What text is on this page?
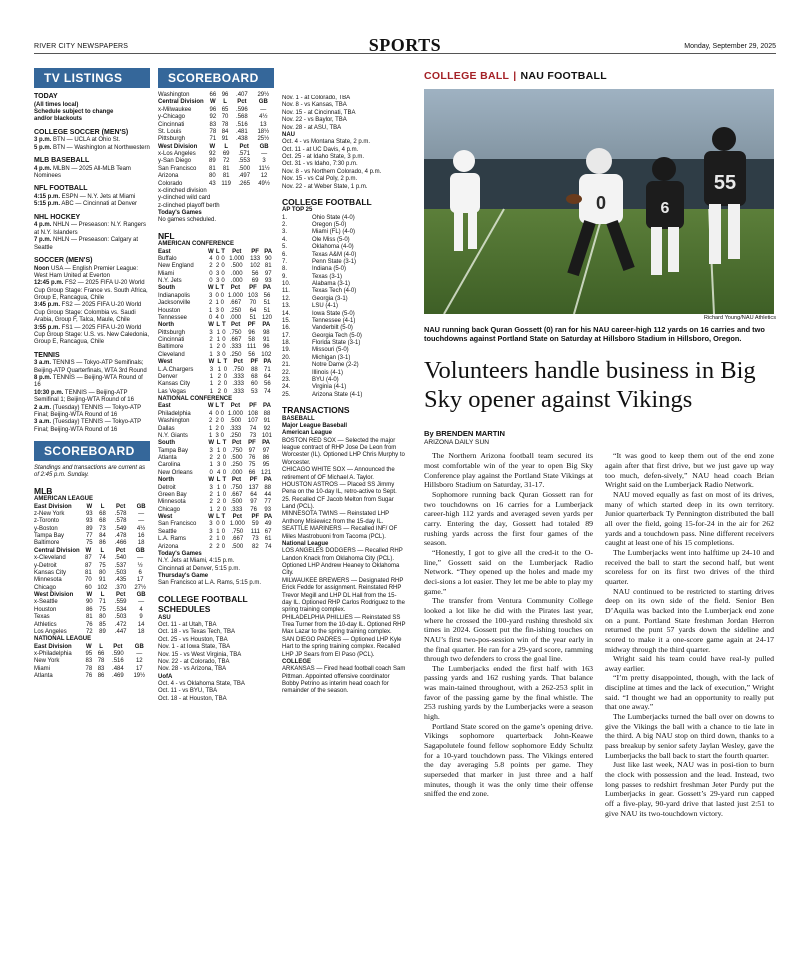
RIVER CITY NEWSPAPERS	SPORTS	Monday, September 29, 2025
TV LISTINGS
TODAY
(All times local)
Schedule subject to change
and/or blackouts
COLLEGE SOCCER (MEN'S)

3 p.m. BTN — UCLA at Ohio St.

5 p.m. BTN — Washington at Northwestern

MLB BASEBALL

4 p.m. MLBN — 2025 All-MLB Team Nominees

NFL FOOTBALL

4:15 p.m. ESPN — N.Y. Jets at Miami

5:15 p.m. ABC — Cincinnati at Denver

NHL HOCKEY

4 p.m. NHLN — Preseason: N.Y. Rangers at N.Y. Islanders

7 p.m. NHLN — Preseason: Calgary at Seattle

SOCCER (MEN'S)

Noon USA — English Premier League: West Ham United at Everton

12:45 p.m. FS2 — 2025 FIFA U-20 World Cup Group Stage: France vs. South Africa, Group E, Rancagua, Chile

3:45 p.m. FS2 — 2025 FIFA U-20 World Cup Group Stage: Colombia vs. Saudi Arabia, Group F, Talca, Maule, Chile

3:55 p.m. FS1 — 2025 FIFA U-20 World Cup Group Stage: U.S. vs. New Caledonia, Group E, Rancagua, Chile

TENNIS

3 a.m. TENNIS — Tokyo-ATP Semifinals; Beijing-ATP Quarterfinals, WTA 3rd Round

8 p.m. TENNIS — Beijing-WTA Round of 16

10:30 p.m. TENNIS — Beijing-ATP Semifinal 1; Beijing-WTA Round of 16

2 a.m. (Tuesday) TENNIS — Tokyo-ATP Final; Beijing-WTA Round of 16

3 a.m. (Tuesday) TENNIS — Tokyo-ATP Final; Beijing-WTA Round of 16

SCOREBOARD
Standings and transactions are current as of 2:45 p.m. Sunday.
MLB
AMERICAN LEAGUE
East Division	W	L	Pct	GB
z-New York	93	68	.578	—
z-Toronto	93	68	.578	—
y-Boston	89	73	.549	4½
Tampa Bay	77	84	.478	16
Baltimore	75	86	.466	18
Central Division	W	L	Pct	GB
x-Cleveland	87	74	.540	—
y-Detroit	87	75	.537	½
Kansas City	81	80	.503	6
Minnesota	70	91	.435	17
Chicago	60	102	.370	27½
West Division	W	L	Pct	GB
x-Seattle	90	71	.559	—
Houston	86	75	.534	4
Texas	81	80	.503	9
Athletics	76	85	.472	14
Los Angeles	72	89	.447	18
NATIONAL LEAGUE
East Division	W	L	Pct	GB
x-Philadelphia	95	66	.590	—
New York	83	78	.516	12
Miami	78	83	.484	17
Atlanta	76	86	.469	19½
SCOREBOARD
Washington	66	96	.407	29½
Central Division	W	L	Pct	GB
x-Milwaukee	96	65	.596	—
y-Chicago	92	70	.568	4½
Cincinnati	83	78	.516	13
St. Louis	78	84	.481	18½
Pittsburgh	71	91	.438	25½
West Division	W	L	Pct	GB
x-Los Angeles	92	69	.571	—
y-San Diego	89	72	.553	3
San Francisco	81	81	.500	11½
Arizona	80	81	.497	12
Colorado	43	119	.265	49½
x-clinched division
y-clinched wild card
z-clinched playoff berth
Today's Games
No games scheduled.
NFL
AMERICAN CONFERENCE
East	W	L	T	Pct	PF	PA
Buffalo	4	0	0	1.000	133	90
New England	2	2	0	.500	102	81
Miami	0	3	0	.000	56	97
N.Y. Jets	0	3	0	.000	69	93
South	W	L	T	Pct	PF	PA
Indianapolis	3	0	0	1.000	103	56
Jacksonville	2	1	0	.667	70	51
Houston	1	3	0	.250	64	51
Tennessee	0	4	0	.000	51	120
North	W	L	T	Pct	PF	PA
Pittsburgh	3	1	0	.750	96	98
Cincinnati	2	1	0	.667	58	91
Baltimore	1	2	0	.333	111	96
Cleveland	1	3	0	.250	56	102
West	W	L	T	Pct	PF	PA
L.A.Chargers	3	1	0	.750	88	71
Denver	1	2	0	.333	68	64
Kansas City	1	2	0	.333	60	56
Las Vegas	1	2	0	.333	53	74
NATIONAL CONFERENCE
East	W	L	T	Pct	PF	PA
Philadelphia	4	0	0	1.000	108	88
Washington	2	2	0	.500	107	91
Dallas	1	2	0	.333	74	92
N.Y. Giants	1	3	0	.250	73	101
South	W	L	T	Pct	PF	PA
Tampa Bay	3	1	0	.750	97	97
Atlanta	2	2	0	.500	76	86
Carolina	1	3	0	.250	75	95
New Orleans	0	4	0	.000	66	121
North	W	L	T	Pct	PF	PA
Detroit	3	1	0	.750	137	88
Green Bay	2	1	0	.667	64	44
Minnesota	2	2	0	.500	97	77
Chicago	1	2	0	.333	76	93
West	W	L	T	Pct	PF	PA
San Francisco	3	0	0	1.000	59	49
Seattle	3	1	0	.750	111	67
L.A. Rams	2	1	0	.667	73	61
Arizona	2	2	0	.500	82	74
Today's Games
N.Y. Jets at Miami, 4:15 p.m.
Cincinnati at Denver, 5:15 p.m.
Thursday's Game
San Francisco at L.A. Rams, 5:15 p.m.
COLLEGE FOOTBALL SCHEDULES
ASU
Oct. 11 - at Utah, TBA
Oct. 18 - vs Texas Tech, TBA
Oct. 25 - vs Houston, TBA
Nov. 1 - at Iowa State, TBA
Nov. 15 - vs West Virginia, TBA
Nov. 22 - at Colorado, TBA
Nov. 28 - vs Arizona, TBA
UofA
Oct. 4 - vs Oklahoma State, TBA
Oct. 11 - vs BYU, TBA
Oct. 18 - at Houston, TBA
Nov. 1 - at Colorado, TBA
Nov. 8 - vs Kansas, TBA
Nov. 15 - at Cincinnati, TBA
Nov. 22 - vs Baylor, TBA
Nov. 28 - at ASU, TBA
NAU
Oct. 4 - vs Montana State, 2 p.m.
Oct. 11 - at UC Davis, 4 p.m.
Oct. 25 - at Idaho State, 3 p.m.
Oct. 31 - vs Idaho, 7:30 p.m.
Nov. 8 - vs Northern Colorado, 4 p.m.
Nov. 15 - vs Cal Poly, 2 p.m.
Nov. 22 - at Weber State, 1 p.m.
COLLEGE FOOTBALL
AP TOP 25
1.	Ohio State (4-0)
2.	Oregon (5-0)
3.	Miami (FL) (4-0)
4.	Ole Miss (5-0)
5.	Oklahoma (4-0)
6.	Texas A&M (4-0)
7.	Penn State (3-1)
8.	Indiana (5-0)
9.	Texas (3-1)
10.	Alabama (3-1)
11.	Texas Tech (4-0)
12.	Georgia (3-1)
13.	LSU (4-1)
14.	Iowa State (5-0)
15.	Tennessee (4-1)
16.	Vanderbilt (5-0)
17.	Georgia Tech (5-0)
18.	Florida State (3-1)
19.	Missouri (5-0)
20.	Michigan (3-1)
21.	Notre Dame (2-2)
22.	Illinois (4-1)
23.	BYU (4-0)
24.	Virginia (4-1)
25.	Arizona State (4-1)
TRANSACTIONS
BASEBALL
Major League Baseball
American League
BOSTON RED SOX — Selected the major league contract of RHP Jose De Leon from Worcester (IL). Optioned LHP Chris Murphy to Worcester.
CHICAGO WHITE SOX — Announced the retirement of OF Michael A. Taylor.
HOUSTON ASTROS — Placed SS Jimmy Pena on the 10-day IL, retro-active to Sept. 25. Recalled CF Jacob Melton from Sugar Land (PCL).
MINNESOTA TWINS — Reinstated LHP Anthony Misiewicz from the 15-day IL.
SEATTLE MARINERS — Recalled INF/ OF Miles Mastrobuoni from Tacoma (PCL).
National League
LOS ANGELES DODGERS — Recalled RHP Landon Knack from Oklahoma City (PCL). Optioned LHP Andrew Heaney to Oklahoma City.
MILWAUKEE BREWERS — Designated RHP Erick Fedde for assignment. Reinstated RHP Trevor Megill and LHP DL Hall from the 15-day IL. Optioned RHP Carlos Rodriguez to the spring training complex.
PHILADELPHIA PHILLIES — Reinstated SS Trea Turner from the 10-day IL. Optioned RHP Max Lazar to the spring training complex.
SAN DIEGO PADRES — Optioned LHP Kyle Hart to the spring training complex. Recalled LHP JP Sears from El Paso (PCL).
COLLEGE
ARKANSAS — Fired head football coach Sam Pittman. Appointed offensive coordinator Bobby Petrino as interim head coach for remainder of the season.
COLLEGE BALL | NAU FOOTBALL
55
0	6
Richard Young/NAU Athletics
NAU running back Quran Gossett (0) ran for his NAU career-high 112 yards on 16 carries and two touchdowns against Portland State on Saturday at Hillsboro Stadium in Hillsboro, Oregon.
Volunteers handle business in Big Sky opener against Vikings
By BRENDEN MARTIN
ARIZONA DAILY SUN

The Northern Arizona football team secured its most comfortable win of the year to open Big Sky Conference play against the Portland State Vikings at Hillsboro Stadium on Saturday, 31-17.

Sophomore running back Quran Gossett ran for two touchdowns on 16 carries for a Lumberjack career-high 112 yards and averaged seven yards per carry. Entering the day, Gossett had totaled 89 rushing yards across the first four games of the season.

“Honestly, I got to give all the cred-it to the O-line,” Gossett said on the Lumberjack Radio Network. “They opened up the holes and made my deci-sions a lot easier. They let me be able to play my game.”

The transfer from Ventura Community College looked a lot like he did with the Pirates last year, where he crossed the 100-yard rushing threshold six times in 2024. Gossett put the fin-ishing touches on NAU’s first two-pos-session win of the year early in the final quarter. He ran for a 29-yard score, ramming through two defenders to cross the goal line.

The Lumberjacks ended the first half with 163 passing yards and 162 rushing yards. That balance was main-tained throughout, with a 262-253 split in favor of the passing game by the final whistle. The 253 rushing yards by the Lumberjacks were a season high.

Portland State scored on the game’s opening drive. Vikings sophomore quarterback John-Keawe Sagapolutele found fellow sophomore Eddy Schultz for a 10-yard touchdown pass. The Vikings entered the day averaging 5.8 points per game. They superseded that marker in just three and a half minutes, though it was the only time their offense sniffed the end zone.

“It was good to keep them out of the end zone again after that first drive, but we just gave up way too much, defen-sively,” NAU head coach Brian Wright said on the Lumberjack Radio Network.

NAU moved equally as fast on most of its drives, many of which started deep in its own territory. Junior quarterback Ty Pennington distributed the ball all over the field, going 15-for-24 in the air for 262 yards and a touchdown pass. Nine different receivers caught at least one of his 15 completions.

The Lumberjacks went into halftime up 24-10 and received the ball to start the second half, but went scoreless for on its first two drives of the third quarter.

NAU continued to be restricted to starting drives deep on its own side of the field. Senior Ben D’Aquila was backed into the Lumberjack end zone on a punt. Portland State freshman Jordan Herron returned the punt 57 yards down the sideline and scored to make it a one-score game again at 24-17 midway through the third quarter.

Wright said his team could have real-ly pulled away earlier.

“I’m pretty disappointed, though, with the lack of discipline at times and the lack of execution,” Wright said. “I thought we had an opportunity to really put that one away.”

The Lumberjacks turned the ball over on downs to give the Vikings the ball with a chance to tie late in the third. A big NAU stop on third down, thanks to a pass breakup by senior safety Jaylan Wesley, gave the Lumberjacks the ball back to start the fourth quarter.

Just like last week, NAU was in posi-tion to burn the clock with possession and the lead. Instead, two long passes to redshirt freshman Jeter Purdy put the Lumberjacks in gear. Gossett’s 29-yard run capped off a five-play, 90-yard drive that lasted just 2:51 to give NAU its two-touchdown victory.
